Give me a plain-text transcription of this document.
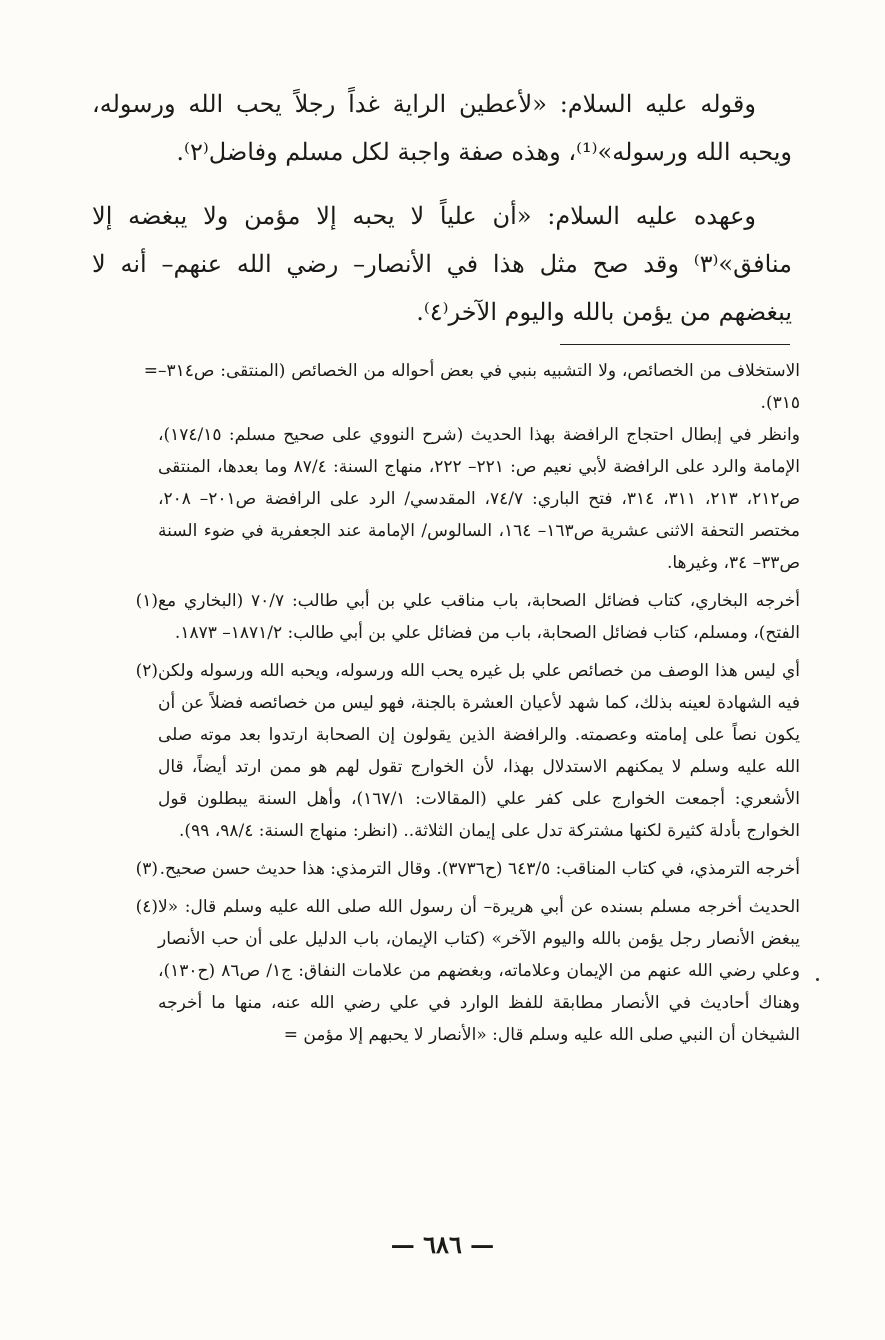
وقوله عليه السلام: «لأعطين الراية غداً رجلاً يحب الله ورسوله، ويحبه الله ورسوله»⁽¹⁾، وهذه صفة واجبة لكل مسلم وفاضل⁽٢⁾.

وعهده عليه السلام: «أن علياً لا يحبه إلا مؤمن ولا يبغضه إلا منافق»⁽٣⁾ وقد صح مثل هذا في الأنصار– رضي الله عنهم– أنه لا يبغضهم من يؤمن بالله واليوم الآخر⁽٤⁾.

= الاستخلاف من الخصائص، ولا التشبيه بنبي في بعض أحواله من الخصائص (المنتقى: ص٣١٤– ٣١٥).

وانظر في إبطال احتجاج الرافضة بهذا الحديث (شرح النووي على صحيح مسلم: ١٧٤/١٥)، الإمامة والرد على الرافضة لأبي نعيم ص: ٢٢١– ٢٢٢، منهاج السنة: ٨٧/٤ وما بعدها، المنتقى ص٢١٢، ٢١٣، ٣١١، ٣١٤، فتح الباري: ٧٤/٧، المقدسي/ الرد على الرافضة ص٢٠١– ٢٠٨، مختصر التحفة الاثنى عشرية ص١٦٣– ١٦٤، السالوس/ الإمامة عند الجعفرية في ضوء السنة ص٣٣– ٣٤، وغيرها.

(١) أخرجه البخاري، كتاب فضائل الصحابة، باب مناقب علي بن أبي طالب: ٧٠/٧ (البخاري مع الفتح)، ومسلم، كتاب فضائل الصحابة، باب من فضائل علي بن أبي طالب: ١٨٧١/٢– ١٨٧٣.

(٢) أي ليس هذا الوصف من خصائص علي بل غيره يحب الله ورسوله، ويحبه الله ورسوله ولكن فيه الشهادة لعينه بذلك، كما شهد لأعيان العشرة بالجنة، فهو ليس من خصائصه فضلاً عن أن يكون نصاً على إمامته وعصمته. والرافضة الذين يقولون إن الصحابة ارتدوا بعد موته صلى الله عليه وسلم لا يمكنهم الاستدلال بهذا، لأن الخوارج تقول لهم هو ممن ارتد أيضاً، قال الأشعري: أجمعت الخوارج على كفر علي (المقالات: ١٦٧/١)، وأهل السنة يبطلون قول الخوارج بأدلة كثيرة لكنها مشتركة تدل على إيمان الثلاثة.. (انظر: منهاج السنة: ٩٨/٤، ٩٩).

(٣) أخرجه الترمذي، في كتاب المناقب: ٦٤٣/٥ (ح٣٧٣٦). وقال الترمذي: هذا حديث حسن صحيح.

(٤) الحديث أخرجه مسلم بسنده عن أبي هريرة– أن رسول الله صلى الله عليه وسلم قال: «لا يبغض الأنصار رجل يؤمن بالله واليوم الآخر» (كتاب الإيمان، باب الدليل على أن حب الأنصار وعلي رضي الله عنهم من الإيمان وعلاماته، وبغضهم من علامات النفاق: ج١/ ص٨٦ (ح١٣٠)، وهناك أحاديث في الأنصار مطابقة للفظ الوارد في علي رضي الله عنه، منها ما أخرجه الشيخان أن النبي صلى الله عليه وسلم قال: «الأنصار لا يحبهم إلا مؤمن =

— ٦٨٦ —
